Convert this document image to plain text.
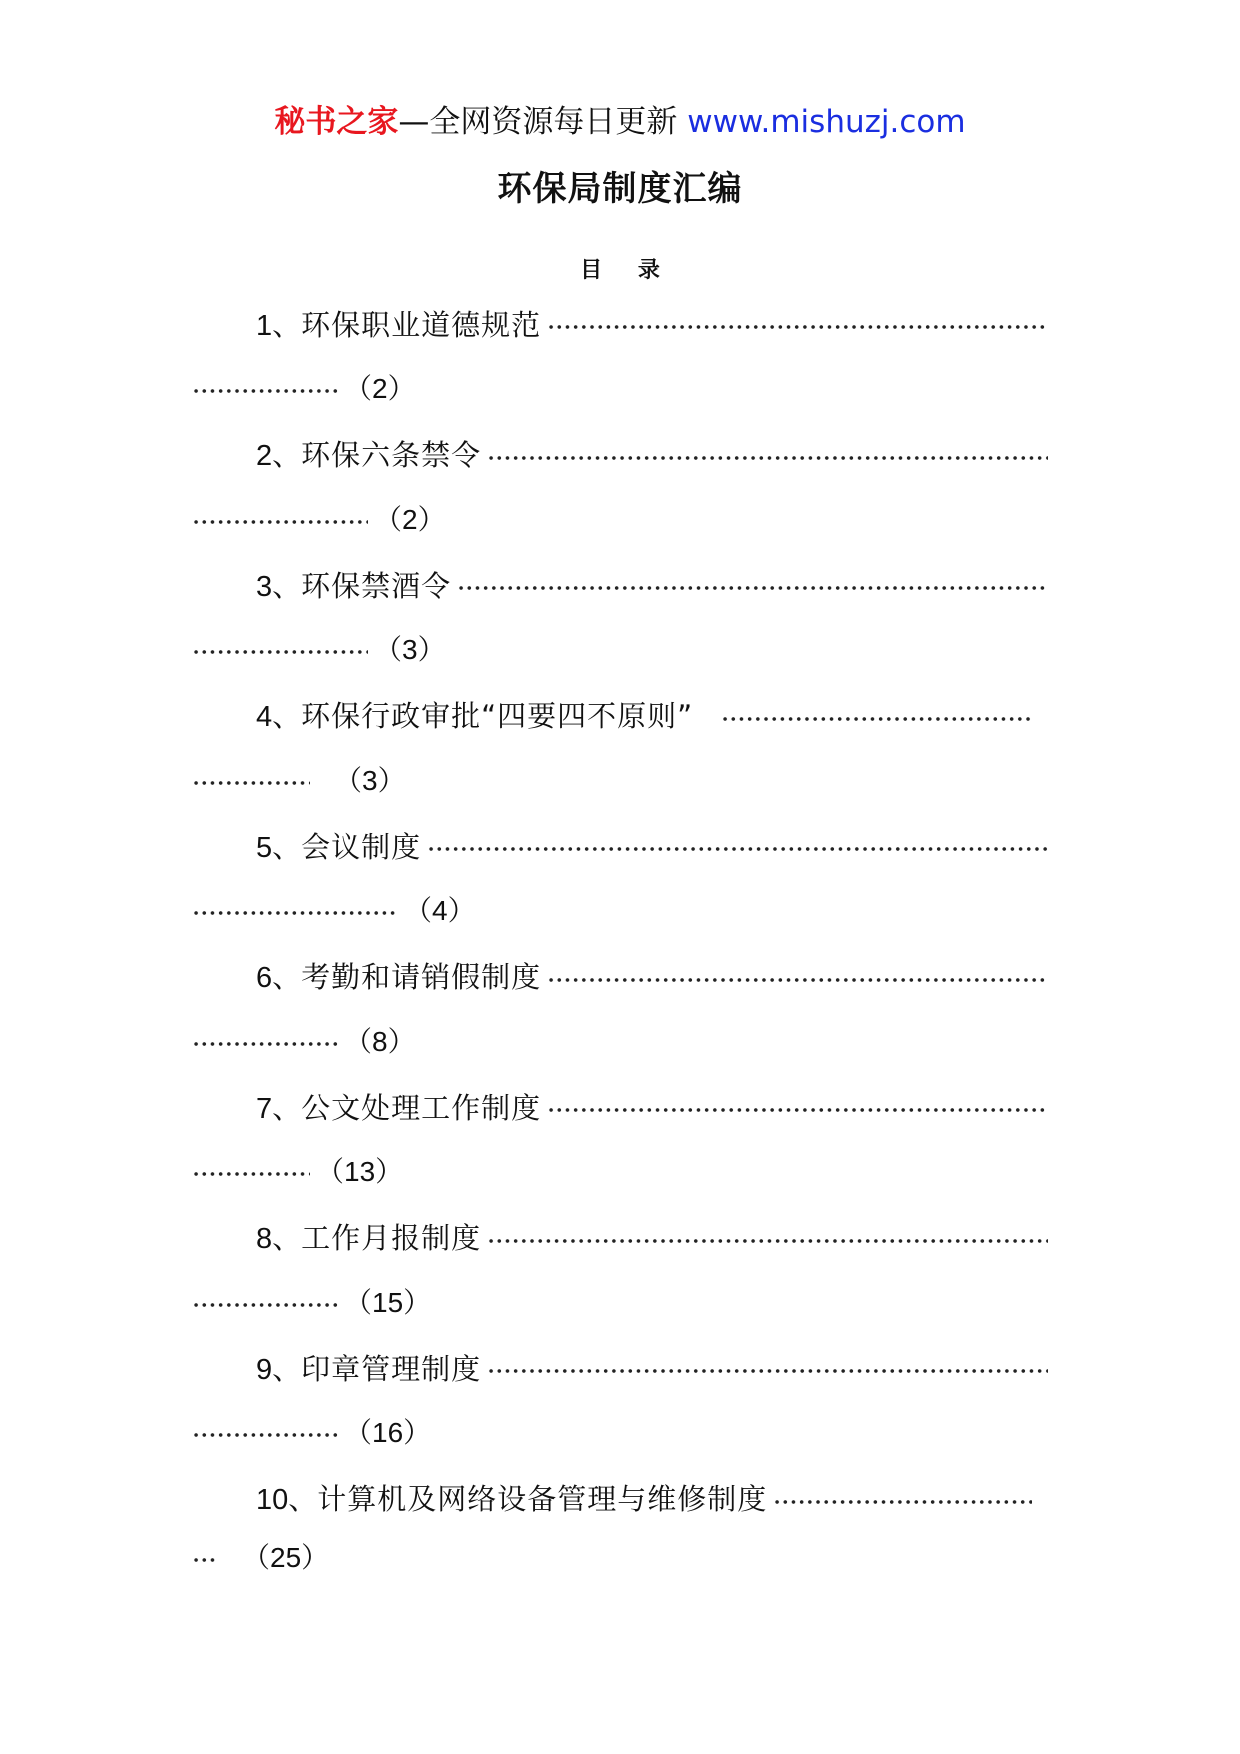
秘书之家—全网资源每日更新 www.mishuzj.com
环保局制度汇编
目 录
1、 环保职业道德规范
（2）
2、 环保六条禁令
（2）
3、 环保禁酒令
（3）
4、 环保行政审批“四要四不原则”
（3）
5、 会议制度
（4）
6、 考勤和请销假制度
（8）
7、 公文处理工作制度
（13）
8、 工作月报制度
（15）
9、 印章管理制度
（16）
10、 计算机及网络设备管理与维修制度
（25）
